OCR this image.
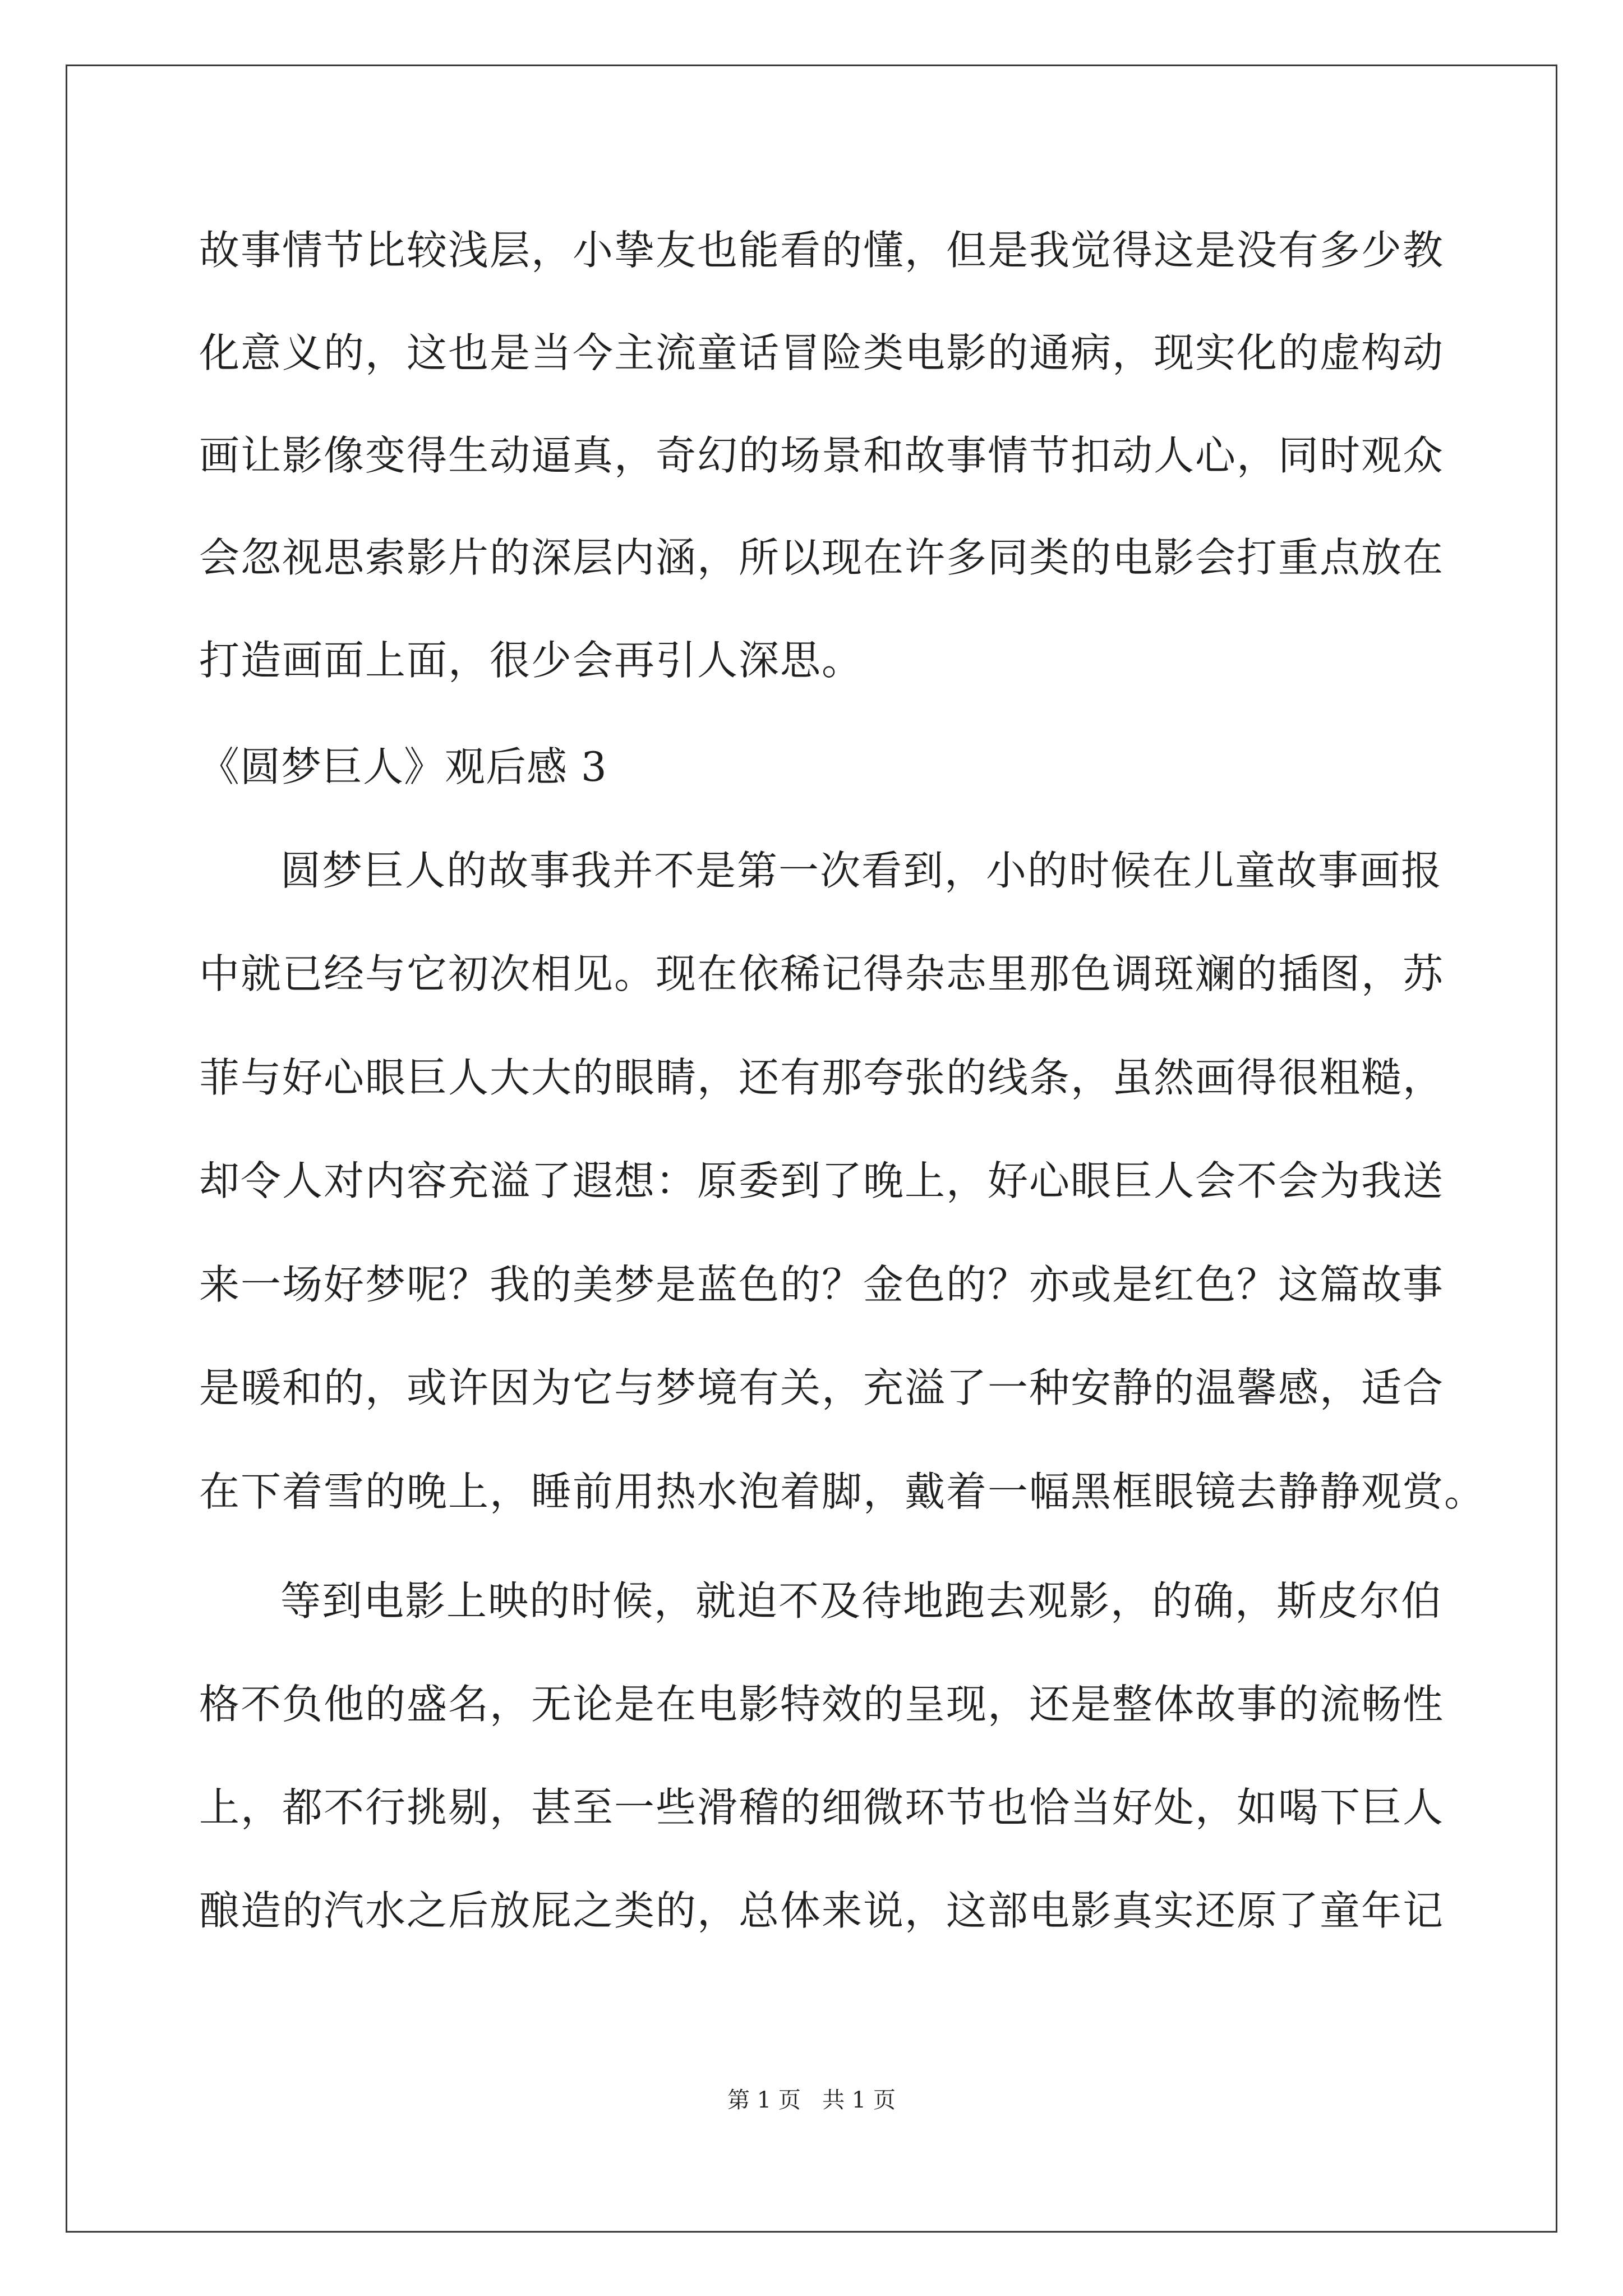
故事情节比较浅层，小挚友也能看的懂，但是我觉得这是没有多少教
化意义的，这也是当今主流童话冒险类电影的通病，现实化的虚构动
画让影像变得生动逼真，奇幻的场景和故事情节扣动人心，同时观众
会忽视思索影片的深层内涵，所以现在许多同类的电影会打重点放在
打造画面上面，很少会再引人深思。
《圆梦巨人》观后感 3
圆梦巨人的故事我并不是第一次看到，小的时候在儿童故事画报
中就已经与它初次相见。现在依稀记得杂志里那色调斑斓的插图，苏
菲与好心眼巨人大大的眼睛，还有那夸张的线条，虽然画得很粗糙，
却令人对内容充溢了遐想：原委到了晚上，好心眼巨人会不会为我送
来一场好梦呢？我的美梦是蓝色的？金色的？亦或是红色？这篇故事
是暖和的，或许因为它与梦境有关，充溢了一种安静的温馨感，适合
在下着雪的晚上，睡前用热水泡着脚，戴着一幅黑框眼镜去静静观赏。
等到电影上映的时候，就迫不及待地跑去观影，的确，斯皮尔伯
格不负他的盛名，无论是在电影特效的呈现，还是整体故事的流畅性
上，都不行挑剔，甚至一些滑稽的细微环节也恰当好处，如喝下巨人
酿造的汽水之后放屁之类的，总体来说，这部电影真实还原了童年记
第 1 页   共 1 页
